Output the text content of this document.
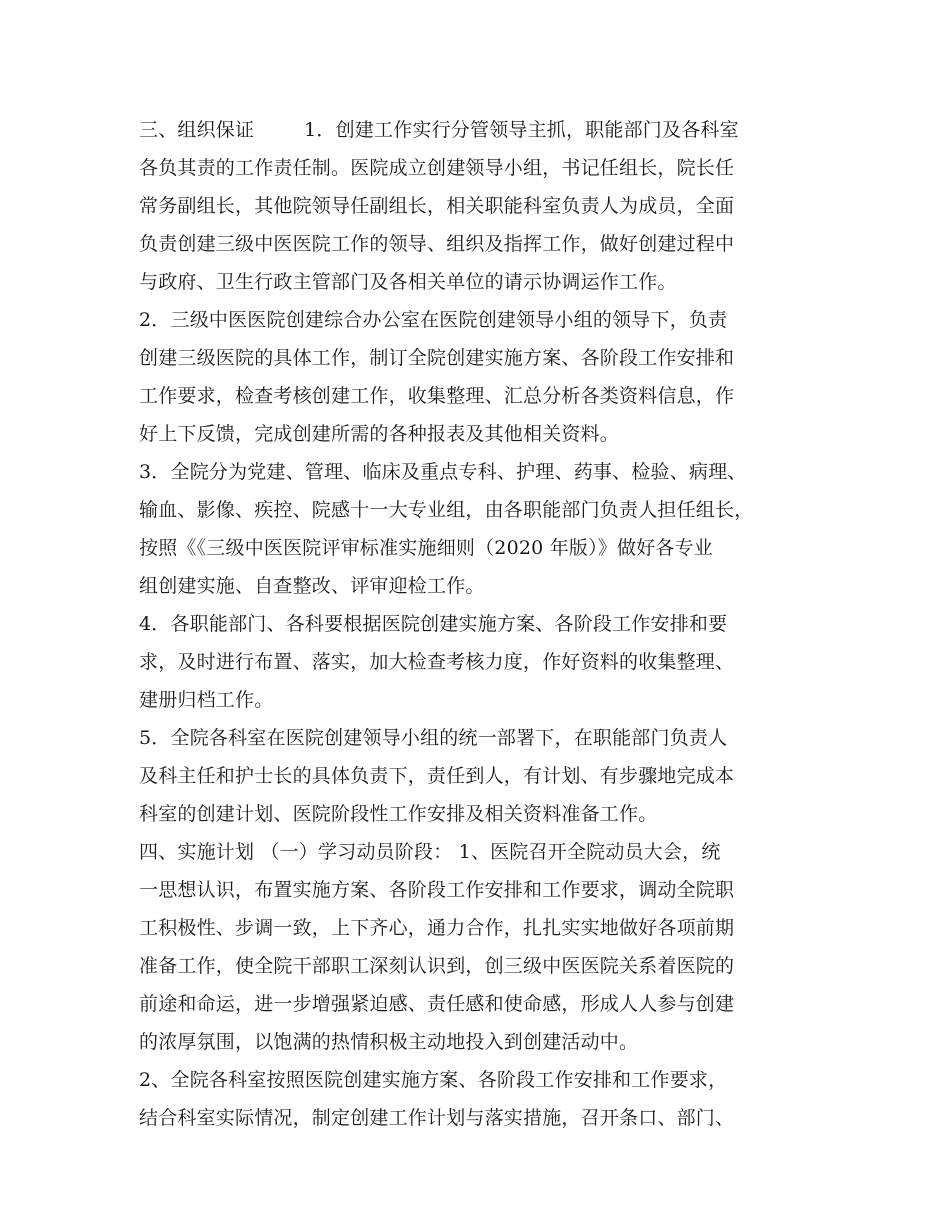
三、组织保证        1．创建工作实行分管领导主抓，职能部门及各科室
各负其责的工作责任制。医院成立创建领导小组，书记任组长，院长任
常务副组长，其他院领导任副组长，相关职能科室负责人为成员，全面
负责创建三级中医医院工作的领导、组织及指挥工作，做好创建过程中
与政府、卫生行政主管部门及各相关单位的请示协调运作工作。
2．三级中医医院创建综合办公室在医院创建领导小组的领导下，负责
创建三级医院的具体工作，制订全院创建实施方案、各阶段工作安排和
工作要求，检查考核创建工作，收集整理、汇总分析各类资料信息，作
好上下反馈，完成创建所需的各种报表及其他相关资料。
3．全院分为党建、管理、临床及重点专科、护理、药事、检验、病理、
输血、影像、疾控、院感十一大专业组，由各职能部门负责人担任组长，
按照《《三级中医医院评审标准实施细则（2020 年版）》做好各专业
组创建实施、自查整改、评审迎检工作。
4．各职能部门、各科要根据医院创建实施方案、各阶段工作安排和要
求，及时进行布置、落实，加大检查考核力度，作好资料的收集整理、
建册归档工作。
5．全院各科室在医院创建领导小组的统一部署下，在职能部门负责人
及科主任和护士长的具体负责下，责任到人，有计划、有步骤地完成本
科室的创建计划、医院阶段性工作安排及相关资料准备工作。
四、实施计划 （一）学习动员阶段： 1、医院召开全院动员大会，统
一思想认识，布置实施方案、各阶段工作安排和工作要求，调动全院职
工积极性、步调一致，上下齐心，通力合作，扎扎实实地做好各项前期
准备工作，使全院干部职工深刻认识到，创三级中医医院关系着医院的
前途和命运，进一步增强紧迫感、责任感和使命感，形成人人参与创建
的浓厚氛围，以饱满的热情积极主动地投入到创建活动中。
2、全院各科室按照医院创建实施方案、各阶段工作安排和工作要求，
结合科室实际情况，制定创建工作计划与落实措施，召开条口、部门、
